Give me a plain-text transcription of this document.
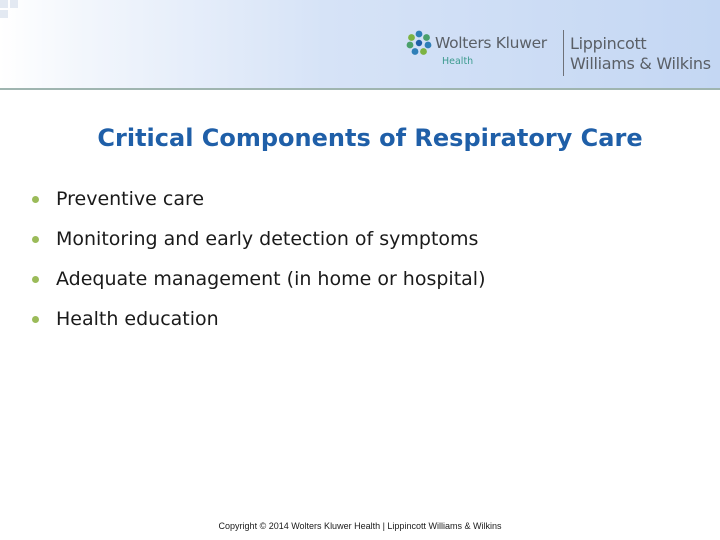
Wolters Kluwer
Health
Lippincott
Williams & Wilkins
Critical Components of Respiratory Care
Preventive care
Monitoring and early detection of symptoms
Adequate management (in home or hospital)
Health education
Copyright © 2014 Wolters Kluwer Health | Lippincott Williams & Wilkins
